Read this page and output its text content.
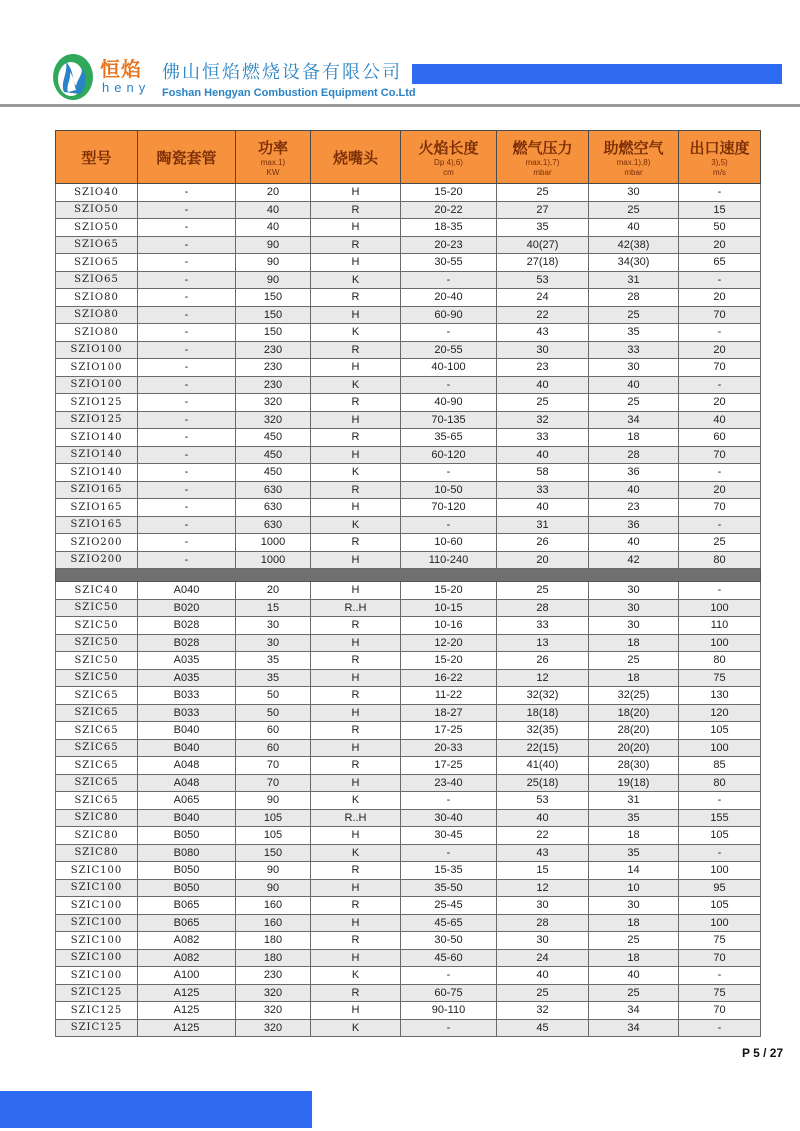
恒焰
heny
佛山恒焰燃烧设备有限公司
Foshan Hengyan Combustion Equipment Co.Ltd
型号	陶瓷套管	功率
max.1)
KW	烧嘴头	火焰长度
Dp 4),6)
cm	燃气压力
max.1),7)
mbar	助燃空气
max.1),8)
mbar	出口速度
3),5)
m/s

SZIO40	-	20	H	15-20	25	30	-
SZIO50	-	40	R	20-22	27	25	15
SZIO50	-	40	H	18-35	35	40	50
SZIO65	-	90	R	20-23	40(27)	42(38)	20
SZIO65	-	90	H	30-55	27(18)	34(30)	65
SZIO65	-	90	K	-	53	31	-
SZIO80	-	150	R	20-40	24	28	20
SZIO80	-	150	H	60-90	22	25	70
SZIO80	-	150	K	-	43	35	-
SZIO100	-	230	R	20-55	30	33	20
SZIO100	-	230	H	40-100	23	30	70
SZIO100	-	230	K	-	40	40	-
SZIO125	-	320	R	40-90	25	25	20
SZIO125	-	320	H	70-135	32	34	40
SZIO140	-	450	R	35-65	33	18	60
SZIO140	-	450	H	60-120	40	28	70
SZIO140	-	450	K	-	58	36	-
SZIO165	-	630	R	10-50	33	40	20
SZIO165	-	630	H	70-120	40	23	70
SZIO165	-	630	K	-	31	36	-
SZIO200	-	1000	R	10-60	26	40	25
SZIO200	-	1000	H	110-240	20	42	80

SZIC40	A040	20	H	15-20	25	30	-
SZIC50	B020	15	R..H	10-15	28	30	100
SZIC50	B028	30	R	10-16	33	30	110
SZIC50	B028	30	H	12-20	13	18	100
SZIC50	A035	35	R	15-20	26	25	80
SZIC50	A035	35	H	16-22	12	18	75
SZIC65	B033	50	R	11-22	32(32)	32(25)	130
SZIC65	B033	50	H	18-27	18(18)	18(20)	120
SZIC65	B040	60	R	17-25	32(35)	28(20)	105
SZIC65	B040	60	H	20-33	22(15)	20(20)	100
SZIC65	A048	70	R	17-25	41(40)	28(30)	85
SZIC65	A048	70	H	23-40	25(18)	19(18)	80
SZIC65	A065	90	K	-	53	31	-
SZIC80	B040	105	R..H	30-40	40	35	155
SZIC80	B050	105	H	30-45	22	18	105
SZIC80	B080	150	K	-	43	35	-
SZIC100	B050	90	R	15-35	15	14	100
SZIC100	B050	90	H	35-50	12	10	95
SZIC100	B065	160	R	25-45	30	30	105
SZIC100	B065	160	H	45-65	28	18	100
SZIC100	A082	180	R	30-50	30	25	75
SZIC100	A082	180	H	45-60	24	18	70
SZIC100	A100	230	K	-	40	40	-
SZIC125	A125	320	R	60-75	25	25	75
SZIC125	A125	320	H	90-110	32	34	70
SZIC125	A125	320	K	-	45	34	-
P 5 / 27
